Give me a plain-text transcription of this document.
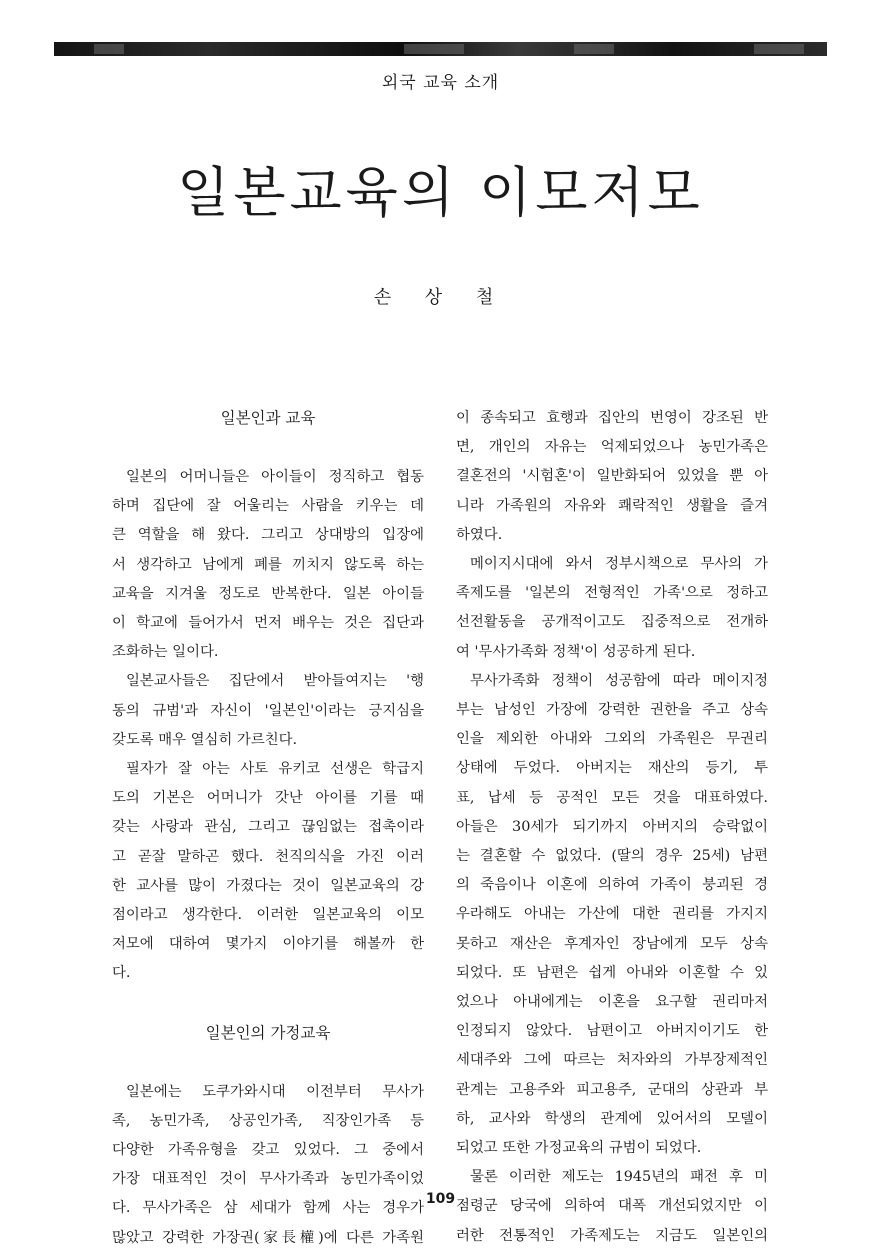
외국 교육 소개
일본교육의 이모저모
손 상 철
일본인과 교육
일본의 어머니들은 아이들이 정직하고 협동
하며 집단에 잘 어울리는 사람을 키우는 데
큰 역할을 해 왔다. 그리고 상대방의 입장에
서 생각하고 남에게 폐를 끼치지 않도록 하는
교육을 지겨울 정도로 반복한다. 일본 아이들
이 학교에 들어가서 먼저 배우는 것은 집단과
조화하는 일이다.
일본교사들은 집단에서 받아들여지는 '행
동의 규범'과 자신이 '일본인'이라는 긍지심을
갖도록 매우 열심히 가르친다.
필자가 잘 아는 사토 유키코 선생은 학급지
도의 기본은 어머니가 갓난 아이를 기를 때
갖는 사랑과 관심, 그리고 끊임없는 접촉이라
고 곧잘 말하곤 했다. 천직의식을 가진 이러
한 교사를 많이 가졌다는 것이 일본교육의 강
점이라고 생각한다. 이러한 일본교육의 이모
저모에 대하여 몇가지 이야기를 해볼까 한
다.
일본인의 가정교육
일본에는 도쿠가와시대 이전부터 무사가
족, 농민가족, 상공인가족, 직장인가족 등
다양한 가족유형을 갖고 있었다. 그 중에서
가장 대표적인 것이 무사가족과 농민가족이었
다. 무사가족은 삼 세대가 함께 사는 경우가
많았고 강력한 가장권(家長權)에 다른 가족원
이 종속되고 효행과 집안의 번영이 강조된 반
면, 개인의 자유는 억제되었으나 농민가족은
결혼전의 '시험혼'이 일반화되어 있었을 뿐 아
니라 가족원의 자유와 쾌락적인 생활을 즐겨
하였다.
메이지시대에 와서 정부시책으로 무사의 가
족제도를 '일본의 전형적인 가족'으로 정하고
선전활동을 공개적이고도 집중적으로 전개하
여 '무사가족화 정책'이 성공하게 된다.
무사가족화 정책이 성공함에 따라 메이지정
부는 남성인 가장에 강력한 권한을 주고 상속
인을 제외한 아내와 그외의 가족원은 무권리
상태에 두었다. 아버지는 재산의 등기, 투
표, 납세 등 공적인 모든 것을 대표하였다.
아들은 30세가 되기까지 아버지의 승락없이
는 결혼할 수 없었다. (딸의 경우 25세) 남편
의 죽음이나 이혼에 의하여 가족이 붕괴된 경
우라해도 아내는 가산에 대한 권리를 가지지
못하고 재산은 후계자인 장남에게 모두 상속
되었다. 또 남편은 쉽게 아내와 이혼할 수 있
었으나 아내에게는 이혼을 요구할 권리마저
인정되지 않았다. 남편이고 아버지이기도 한
세대주와 그에 따르는 처자와의 가부장제적인
관계는 고용주와 피고용주, 군대의 상관과 부
하, 교사와 학생의 관계에 있어서의 모델이
되었고 또한 가정교육의 규범이 되었다.
물론 이러한 제도는 1945년의 패전 후 미
점령군 당국에 의하여 대폭 개선되었지만 이
러한 전통적인 가족제도는 지금도 일본인의
109
